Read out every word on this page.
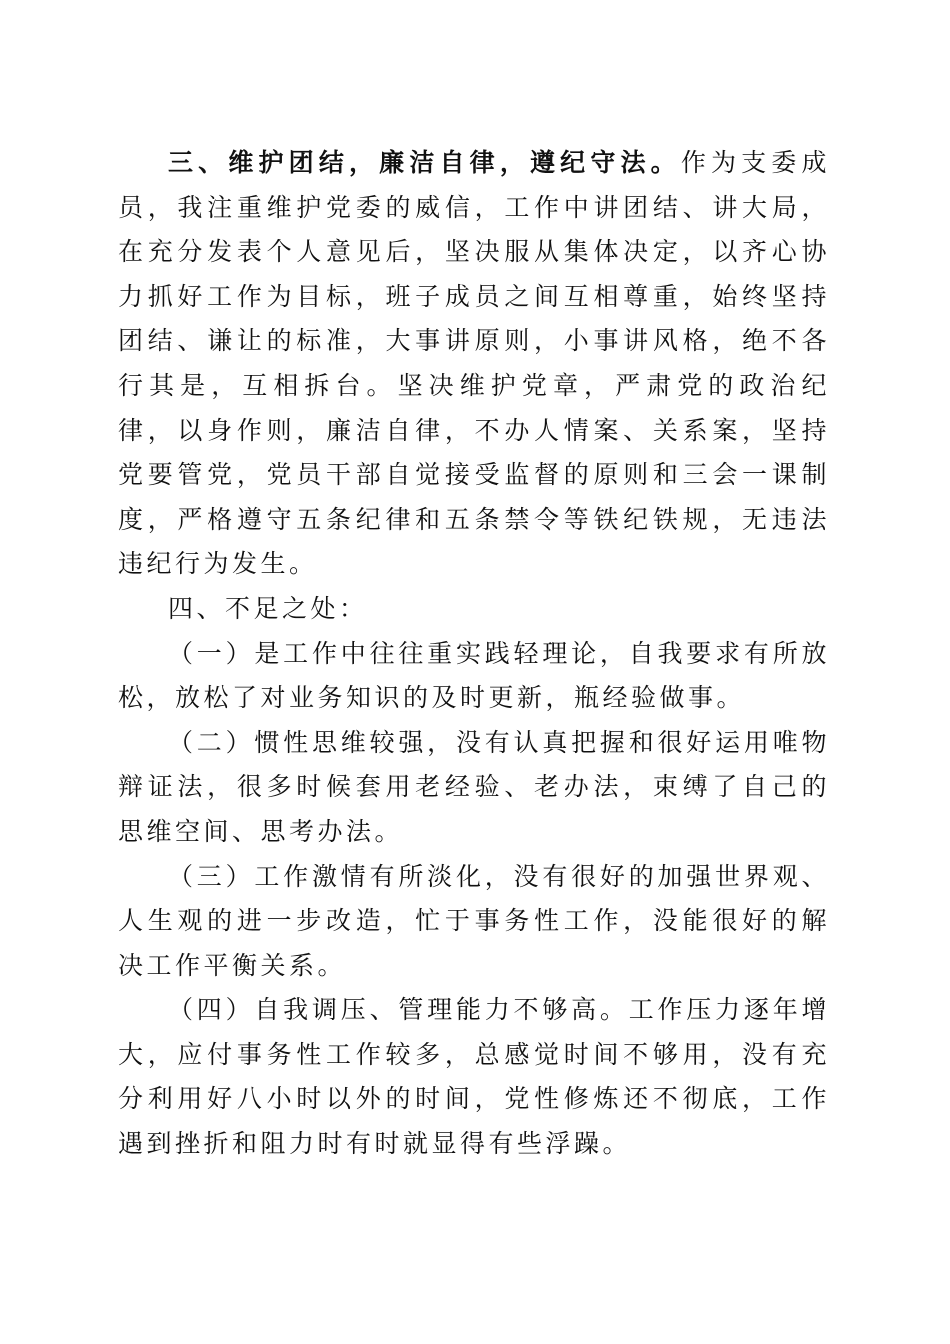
三、维护团结，廉洁自律，遵纪守法。作为支委成员，我注重维护党委的威信，工作中讲团结、讲大局，在充分发表个人意见后，坚决服从集体决定，以齐心协力抓好工作为目标，班子成员之间互相尊重，始终坚持团结、谦让的标准，大事讲原则，小事讲风格，绝不各行其是，互相拆台。坚决维护党章，严肃党的政治纪律，以身作则，廉洁自律，不办人情案、关系案，坚持党要管党，党员干部自觉接受监督的原则和三会一课制度，严格遵守五条纪律和五条禁令等铁纪铁规，无违法违纪行为发生。

四、不足之处：

（一）是工作中往往重实践轻理论，自我要求有所放松，放松了对业务知识的及时更新，瓶经验做事。

（二）惯性思维较强，没有认真把握和很好运用唯物辩证法，很多时候套用老经验、老办法，束缚了自己的思维空间、思考办法。

（三）工作激情有所淡化，没有很好的加强世界观、人生观的进一步改造，忙于事务性工作，没能很好的解决工作平衡关系。

（四）自我调压、管理能力不够高。工作压力逐年增大，应付事务性工作较多，总感觉时间不够用，没有充分利用好八小时以外的时间，党性修炼还不彻底，工作遇到挫折和阻力时有时就显得有些浮躁。
